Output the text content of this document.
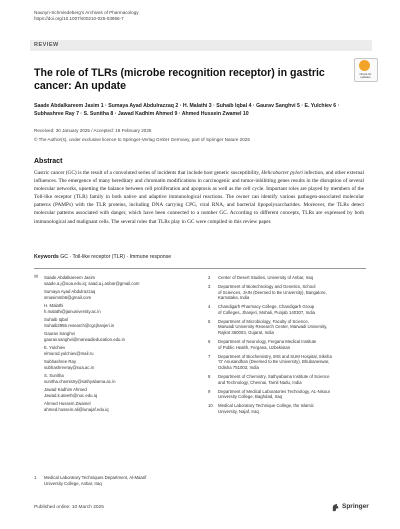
Naunyn-Schmiedeberg's Archives of Pharmacology
https://doi.org/10.1007/s00210-025-03966-7
REVIEW
The role of TLRs (microbe recognition receptor) in gastric cancer: An update
Check for updates
Saade Abdalkareem Jasim 1 · Sumaya Ayad Abdulrazzaq 2 · H. Malathi 3 · Suhaib Iqbal 4 · Gaurav Sanghvi 5 · E. Yulchiev 6 · Subhashree Ray 7 · S. Sunitha 8 · Jawad Kadhim Ahmed 9 · Ahmed Hussein Zwamel 10
Received: 30 January 2025 / Accepted: 19 February 2025
© The Author(s), under exclusive licence to Springer-Verlag GmbH Germany, part of Springer Nature 2025
Abstract
Gastric cancer (GC) is the result of a convoluted series of incidents that include host genetic susceptibility, Helicobacter pylori infection, and other external influences. The emergence of many hereditary and chromatin modifications in carcinogenic and tumor-inhibiting genes results in the disruption of several molecular networks, upsetting the balance between cell proliferation and apoptosis as well as the cell cycle. Important roles are played by members of the Toll-like receptor (TLR) family in both native and adaptive immunological reactions. The owner can identify various pathogen-associated molecular patterns (PAMPs) with the TLR proteins, including DNA carrying CPG, viral RNA, and bacterial lipopolysaccharides. Moreover, the TLRs detect molecular patterns associated with danger, which have been connected to a number GC. According to different concepts, TLRs are expressed by both immunological and malignant cells. The several roles that TLRs play in GC were compiled in this review paper.
Keywords GC · Toll-like receptor (TLR) · Immune response
✉	Saade Abdalkareem Jasim
saade.a.j@uoa.edu.iq; saad.a.j.anbar@gmail.com
Sumaya Ayad Abdulrazzaq
smasimmb6@gmail.com
H. Malathi
h.malathi@jainuniversity.ac.in
Suhaib Iqbal
Suhaib2956.research@cgcjhanjeri.in
Gaurav Sanghvi
gaurav.sanghvi@marwadieducation.edu.in
E. Yulchiev
elmurod.yulchiev@mail.ru
Subhashree Ray
subhashreeray@soa.ac.in
S. Sunitha
sunitha.chemistry@sathyabama.ac.in
Jawad Kadhim Ahmed
Jawad.k.ateeth@nuc.edu.iq
Ahmed Hussein Zwamel
ahmed.hussein.ali@iunajaf.edu.iq
1	Medical Laboratory Techniques Department, Al-Maarif
University College, Anbar, Iraq
2	Center of Desert Studies, University of Anbar, Iraq
3	Department of Biotechnology and Genetics, School
of Sciences, JAIN (Deemed to Be University), Bangalore,
Karnataka, India
4	Chandigarh Pharmacy College, Chandigarh Group
of Colleges, Jhanjeri, Mohali, Punjab 140307, India
5	Department of Microbiology, Faculty of Science,
Marwadi University Research Center, Marwadi University,
Rajkot 360003, Gujarat, India
6	Department of Neurology, Fergana Medical Institute
of Public Health, Fergana, Uzbekistan
7	Department of Biochemistry, IMS and SUM Hospital, Siksha
'O' Anusandhan (Deemed to Be University), Bhubaneswar,
Odisha 751003, India
8	Department of Chemistry, Sathyabama Institute of Science
and Technology, Chennai, Tamil Nadu, India
9	Department of Medical Laboratories Technology, AL-Nisour
University College, Baghdad, Iraq
10	Medical Laboratory Technique College, the Islamic
University, Najaf, Iraq
Published online: 10 March 2025	Springer
